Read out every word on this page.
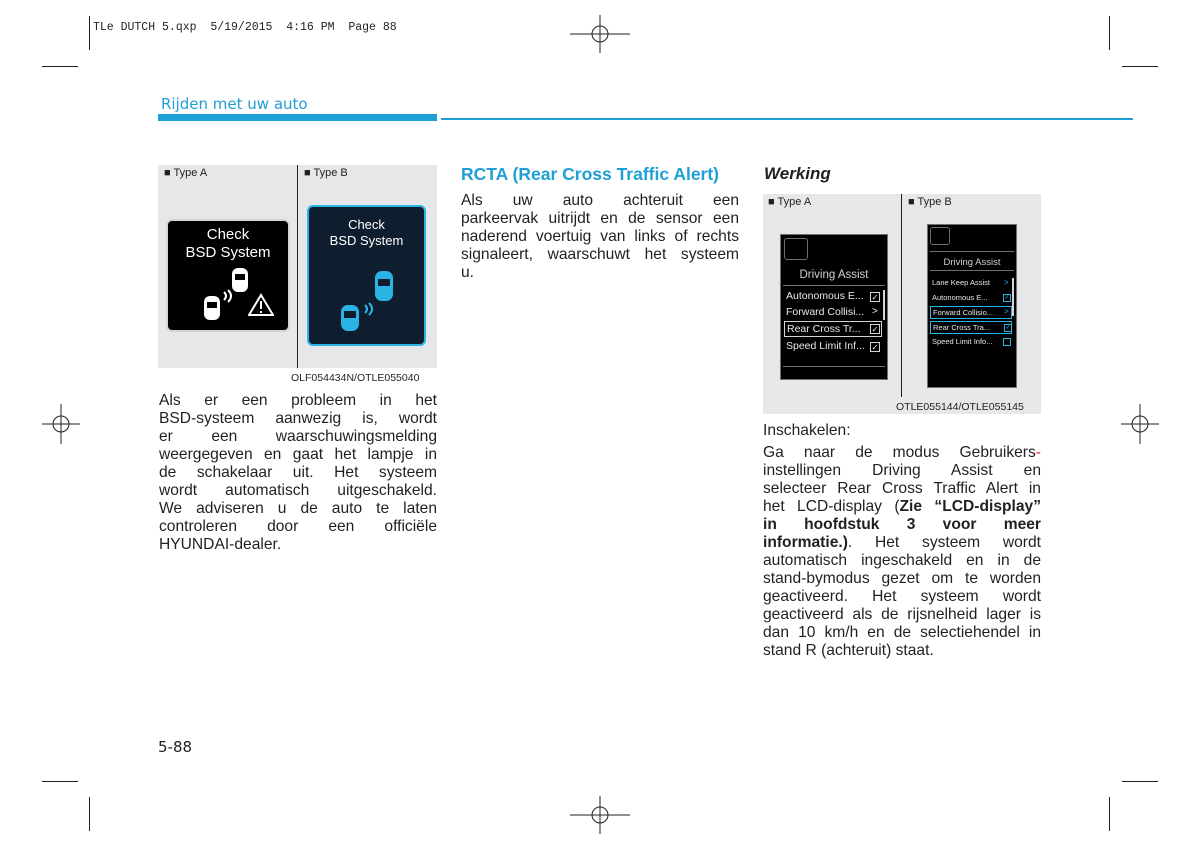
TLe DUTCH 5.qxp  5/19/2015  4:16 PM  Page 88
Rijden met uw auto
■ Type A	■ Type B
Check
BSD System
Check
BSD System
OLF054434N/OTLE055040
Als er een probleem in het
BSD-systeem aanwezig is, wordt
er een waarschuwingsmelding
weergegeven en gaat het lampje in
de schakelaar uit. Het systeem
wordt automatisch uitgeschakeld.
We adviseren u de auto te laten
controleren door een officiële
HYUNDAI-dealer.
RCTA (Rear Cross Traffic Alert)
Als uw auto achteruit een
parkeervak uitrijdt en de sensor een
naderend voertuig van links of rechts
signaleert, waarschuwt het systeem
u.
Werking
■ Type A	■ Type B
Driving Assist
Autonomous E... ✓
Forward Collisi... >
Rear Cross Tr... ✓
Speed Limit Inf... ✓
Driving Assist
Lane Keep Assist >
Autonomous E...	✓
Forward Collisio... >
Rear Cross Tra...	✓
Speed Limit Info...
OTLE055144/OTLE055145
Inschakelen:
Ga naar de modus Gebruikers-
instellingen Driving Assist en
selecteer Rear Cross Traffic Alert in
het LCD-display (Zie “LCD-display”
in hoofdstuk 3 voor meer
informatie.). Het systeem wordt
automatisch ingeschakeld en in de
stand-bymodus gezet om te worden
geactiveerd. Het systeem wordt
geactiveerd als de rijsnelheid lager is
dan 10 km/h en de selectiehendel in
stand R (achteruit) staat.
5-88
